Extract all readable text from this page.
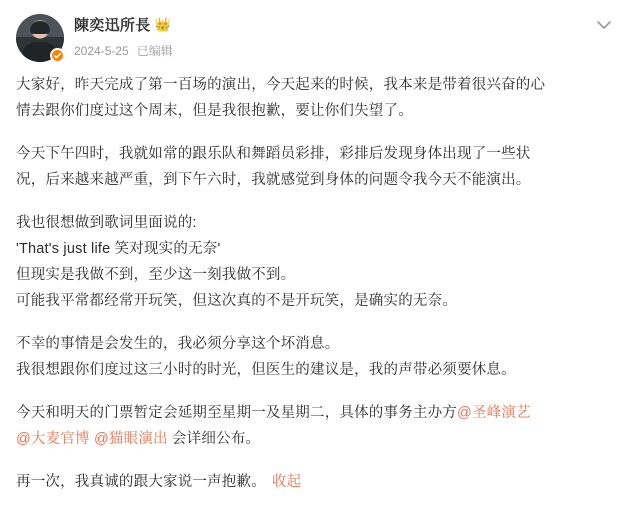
陳奕迅所長 👑
2024-5-25 已编辑

大家好，昨天完成了第一百场的演出，今天起来的时候，我本来是带着很兴奋的心
情去跟你们度过这个周末，但是我很抱歉，要让你们失望了。

今天下午四时，我就如常的跟乐队和舞蹈员彩排，彩排后发现身体出现了一些状
况，后来越来越严重，到下午六时，我就感觉到身体的问题令我今天不能演出。

我也很想做到歌词里面说的:
'That's just life 笑对现实的无奈'
但现实是我做不到，至少这一刻我做不到。
可能我平常都经常开玩笑，但这次真的不是开玩笑，是确实的无奈。

不幸的事情是会发生的，我必须分享这个坏消息。
我很想跟你们度过这三小时的时光，但医生的建议是，我的声带必须要休息。

今天和明天的门票暂定会延期至星期一及星期二，具体的事务主办方@圣峰演艺
@大麦官博 @猫眼演出 会详细公布。

再一次，我真诚的跟大家说一声抱歉。 收起
